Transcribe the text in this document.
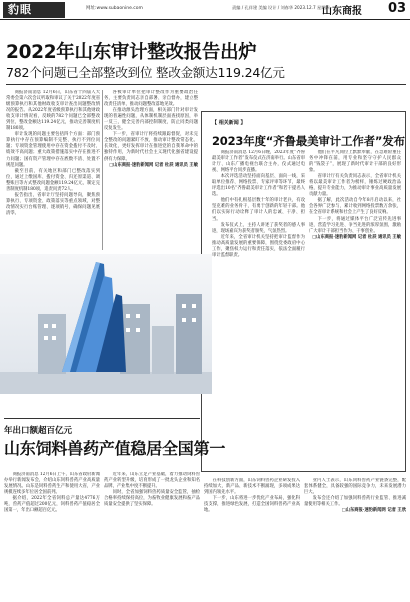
豹眼	网址:www.subaonine.com	责编 / 孔祥建 美编 设计 / 刘春华 2023.12.7 星期四
山东商报 03
2022年山东审计整改报告出炉
782个问题已全部整改到位 整改金额达119.24亿元

商报济南消息 12月6日，山东省十四届人大常委会第六次会议听取和审议了关于2022年度省级预算执行和其他财政收支审计查出问题整改情况的报告。从2022年度省级预算执行和其他财政收支审计情况看，反映的782个问题已全部整改到位，整改金额达119.24亿元，推动完善制度机制180项。

审计发现的问题主要包括四个方面：部门预算执行中存在预算编制不完整、执行不到位问题；专项资金管理使用中存在资金拨付不及时、绩效不高问题；重大政策措施落实中存在推进不力问题；国有资产管理中存在底数不清、处置不规范问题。

截至目前，有关地区和部门已整改落实到位，通过上缴国库、拨付资金、归还原渠道、调整账目等方式整改问题金额119.24亿元，制定完善制度机制180项，追责问责72人。

报告指出，省审计厅坚持问题导向，聚焦预算执行、专项资金、政策落实等重点领域，对整改情况实行台账管理、逐项销号，确保问题见底清零。

各被审计单位把审计整改作为重要政治任务，主要负责同志亲自部署、亲自督办，建立整改责任清单，推动问题整改落地见效。

在推动源头治理方面，相关部门针对审计发现的普遍性问题，从体制机制层面查找原因，举一反三，健全完善内部控制制度，防止同类问题反复发生。

下一步，省审计厅将持续跟踪督促，对未完全整改的问题紧盯不放，推动审计整改常态化、长效化，更好发挥审计在推进党的自我革命中的独特作用，为新时代社会主义现代化强省建设提供有力保障。

□山东商报·速豹新闻网 记者 杜辰 通讯员 王敏

【 相关新闻 】
2023年度“齐鲁最美审计工作者”发布

商报济南消息 12月6日晚，2023年度“齐鲁最美审计工作者”发布仪式在济南举行。山东省审计厅、山东广播电视台联合主办，仪式通过电视、网络平台同步直播。

本次评选活动坚持面向基层、面向一线，采取单位推荐、网络投票、专家评审等环节，最终评选出10名“齐鲁最美审计工作者”和若干提名人选。

他们中有扎根基层数十年的审计老兵，有攻坚克难的业务骨干，有勇于创新的年轻干部。他们以实际行动诠释了审计人的忠诚、干净、担当。

发布仪式上，主持人讲述了获奖者的感人事迹，现场嘉宾为获奖者颁奖，气氛热烈。

近年来，全省审计机关坚持把审计监督作为推动高质量发展的重要保障，围绕党委政府中心工作，聚焦权力运行和责任落实，依法全面履行审计监督职责。

他们在平凡岗位上默默奉献，在急难险重任务中冲锋在前，用专业和坚守守护人民群众的“钱袋子”，展现了新时代审计干部的良好形象。

省审计厅有关负责同志表示，全省审计机关将以最美审计工作者为榜样，锤炼过硬政治品格，提升专业能力，为推动审计事业高质量发展贡献力量。

据了解，此次活动自今年8月启动以来，社会各界广泛参与，累计收到网络投票数万余张，在全省审计系统和社会上产生了良好反响。

下一步，将通过媒体平台广泛宣传先进事迹，营造学习先进、争当先进的浓厚氛围，激励广大审计干部担当作为、干事创业。

□山东商报·速豹新闻网 记者 杜辰 通讯员 王敏

年出口额超百亿元
山东饲料兽药产值稳居全国第一

商报济南消息 12月6日上午，山东省政府新闻办举行新闻发布会，介绍山东饲料兽药产业高质量发展情况。山东是饲料兽药生产和使用大省，产业规模连续多年位居全国前列。

据介绍，2022年全省饲料总产量达4776万吨，兽药产值超过200亿元，饲料兽药产值稳居全国第一，年出口额超百亿元。

近年来，山东立足产业基础，着力推动饲料兽药产业转型升级，培育形成了一批龙头企业和知名品牌，产业集中度不断提升。

同时，全省加强饲料兽药质量安全监管，抽检合格率持续保持高位，为畜牧业健康发展和畜产品质量安全提供了坚实保障。

在科技创新方面，山东饲料兽药企业研发投入持续加大，新产品、新技术不断涌现，多项成果达到国内领先水平。

下一步，山东将进一步优化产业布局，强化科技支撑，推进绿色发展，打造全国饲料兽药产业高地。

业内人士表示，山东饲料兽药产业链条完整，配套体系健全，具备较强的国际竞争力，未来发展潜力巨大。

发布会还介绍了加强饲料兽药行业监管、推进减量使用等相关工作。

□山东商报·速豹新闻网 记者 王欣
